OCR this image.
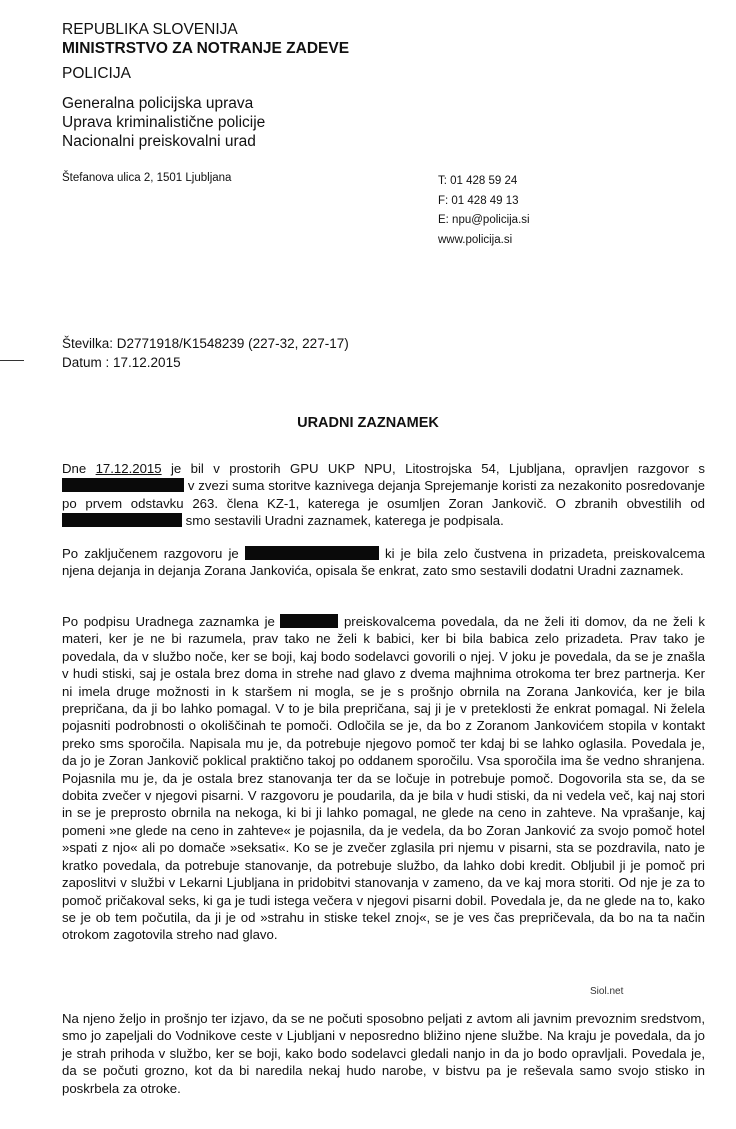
REPUBLIKA SLOVENIJA
MINISTRSTVO ZA NOTRANJE ZADEVE
POLICIJA
Generalna policijska uprava
Uprava kriminalistične policije
Nacionalni preiskovalni urad
Štefanova ulica 2, 1501 Ljubljana	T: 01 428 59 24
F: 01 428 49 13
E: npu@policija.si
www.policija.si
Številka: D2771918/K1548239 (227-32, 227-17)
Datum : 17.12.2015
URADNI ZAZNAMEK
Dne 17.12.2015 je bil v prostorih GPU UKP NPU, Litostrojska 54, Ljubljana, opravljen razgovor s  v zvezi suma storitve kaznivega dejanja Sprejemanje koristi za nezakonito posredovanje po prvem odstavku 263. člena KZ-1, katerega je osumljen Zoran Jankovič. O zbranih obvestilih od  smo sestavili Uradni zaznamek, katerega je podpisala.
Po zaključenem razgovoru je	ki je bila zelo čustvena in prizadeta, preiskovalcema njena dejanja in dejanja Zorana Jankovića, opisala še enkrat, zato smo sestavili dodatni Uradni zaznamek.
Po podpisu Uradnega zaznamka je	preiskovalcema povedala, da ne želi iti domov, da ne želi k materi, ker je ne bi razumela, prav tako ne želi k babici, ker bi bila babica zelo prizadeta. Prav tako je povedala, da v službo noče, ker se boji, kaj bodo sodelavci govorili o njej. V joku je povedala, da se je znašla v hudi stiski, saj je ostala brez doma in strehe nad glavo z dvema majhnima otrokoma ter brez partnerja. Ker ni imela druge možnosti in k staršem ni mogla, se je s prošnjo obrnila na Zorana Jankovića, ker je bila prepričana, da ji bo lahko pomagal. V to je bila prepričana, saj ji je v preteklosti že enkrat pomagal. Ni želela pojasniti podrobnosti o okoliščinah te pomoči. Odločila se je, da bo z Zoranom Jankovićem stopila v kontakt preko sms sporočila. Napisala mu je, da potrebuje njegovo pomoč ter kdaj bi se lahko oglasila. Povedala je, da jo je Zoran Jankovič poklical praktično takoj po oddanem sporočilu. Vsa sporočila ima še vedno shranjena. Pojasnila mu je, da je ostala brez stanovanja ter da se ločuje in potrebuje pomoč. Dogovorila sta se, da se dobita zvečer v njegovi pisarni. V razgovoru je poudarila, da je bila v hudi stiski, da ni vedela več, kaj naj stori in se je preprosto obrnila na nekoga, ki bi ji lahko pomagal, ne glede na ceno in zahteve. Na vprašanje, kaj pomeni »ne glede na ceno in zahteve« je pojasnila, da je vedela, da bo Zoran Janković za svojo pomoč hotel »spati z njo« ali po domače »seksati«. Ko se je zvečer zglasila pri njemu v pisarni, sta se pozdravila, nato je kratko povedala, da potrebuje stanovanje, da potrebuje službo, da lahko dobi kredit. Obljubil ji je pomoč pri zaposlitvi v službi v Lekarni Ljubljana in pridobitvi stanovanja v zameno, da ve kaj mora storiti. Od nje je za to pomoč pričakoval seks, ki ga je tudi istega večera v njegovi pisarni dobil. Povedala je, da ne glede na to, kako se je ob tem počutila, da ji je od »strahu in stiske tekel znoj«, se je ves čas prepričevala, da bo na ta način otrokom zagotovila streho nad glavo.
Siol.net
Na njeno željo in prošnjo ter izjavo, da se ne počuti sposobno peljati z avtom ali javnim prevoznim sredstvom, smo jo zapeljali do Vodnikove ceste v Ljubljani v neposredno bližino njene službe. Na kraju je povedala, da jo je strah prihoda v službo, ker se boji, kako bodo sodelavci gledali nanjo in da jo bodo opravljali. Povedala je, da se počuti grozno, kot da bi naredila nekaj hudo narobe, v bistvu pa je reševala samo svojo stisko in poskrbela za otroke.
